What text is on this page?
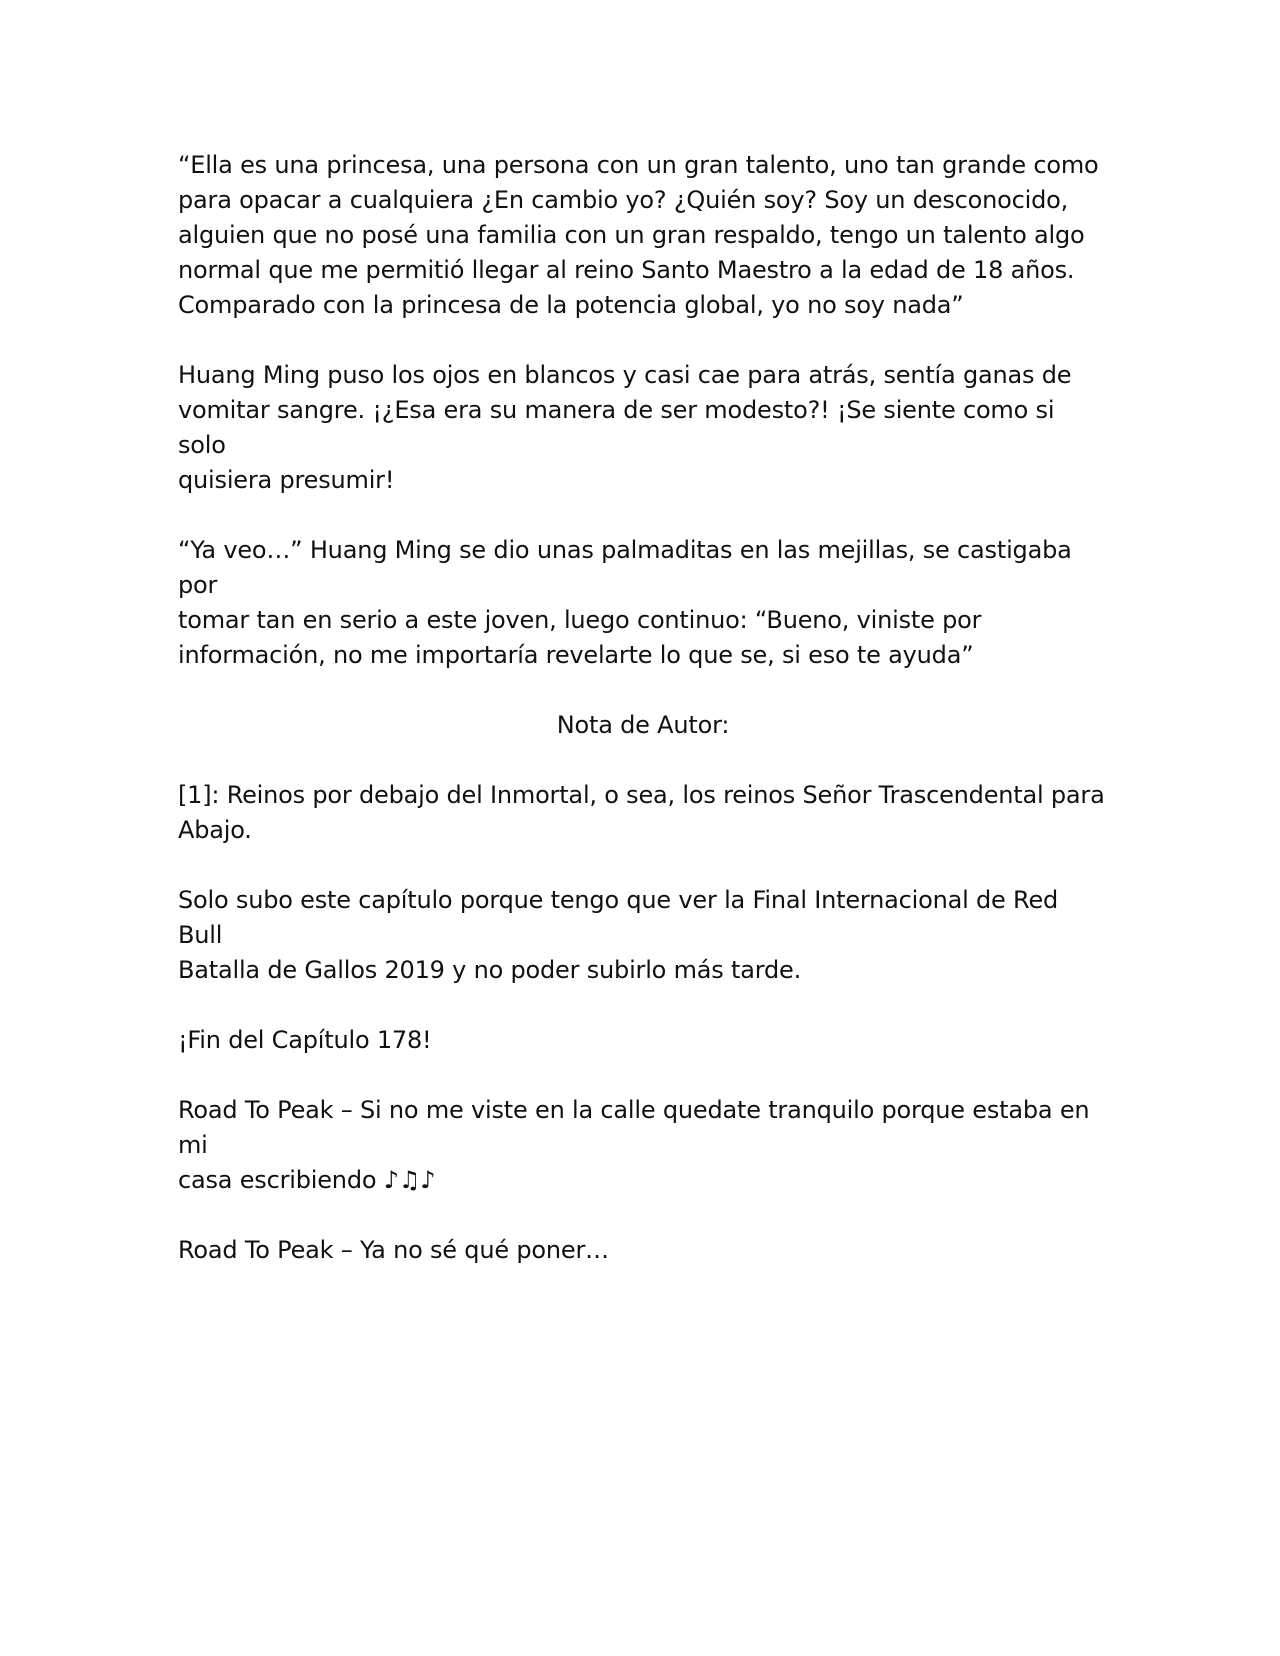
“Ella es una princesa, una persona con un gran talento, uno tan grande como
para opacar a cualquiera ¿En cambio yo? ¿Quién soy? Soy un desconocido,
alguien que no posé una familia con un gran respaldo, tengo un talento algo
normal que me permitió llegar al reino Santo Maestro a la edad de 18 años.
Comparado con la princesa de la potencia global, yo no soy nada”

Huang Ming puso los ojos en blancos y casi cae para atrás, sentía ganas de
vomitar sangre. ¡¿Esa era su manera de ser modesto?! ¡Se siente como si solo
quisiera presumir!

“Ya veo…” Huang Ming se dio unas palmaditas en las mejillas, se castigaba por
tomar tan en serio a este joven, luego continuo: “Bueno, viniste por
información, no me importaría revelarte lo que se, si eso te ayuda”

Nota de Autor:

[1]: Reinos por debajo del Inmortal, o sea, los reinos Señor Trascendental para
Abajo.

Solo subo este capítulo porque tengo que ver la Final Internacional de Red Bull
Batalla de Gallos 2019 y no poder subirlo más tarde.

¡Fin del Capítulo 178!

Road To Peak – Si no me viste en la calle quedate tranquilo porque estaba en mi
casa escribiendo ♪♫♪

Road To Peak – Ya no sé qué poner…
